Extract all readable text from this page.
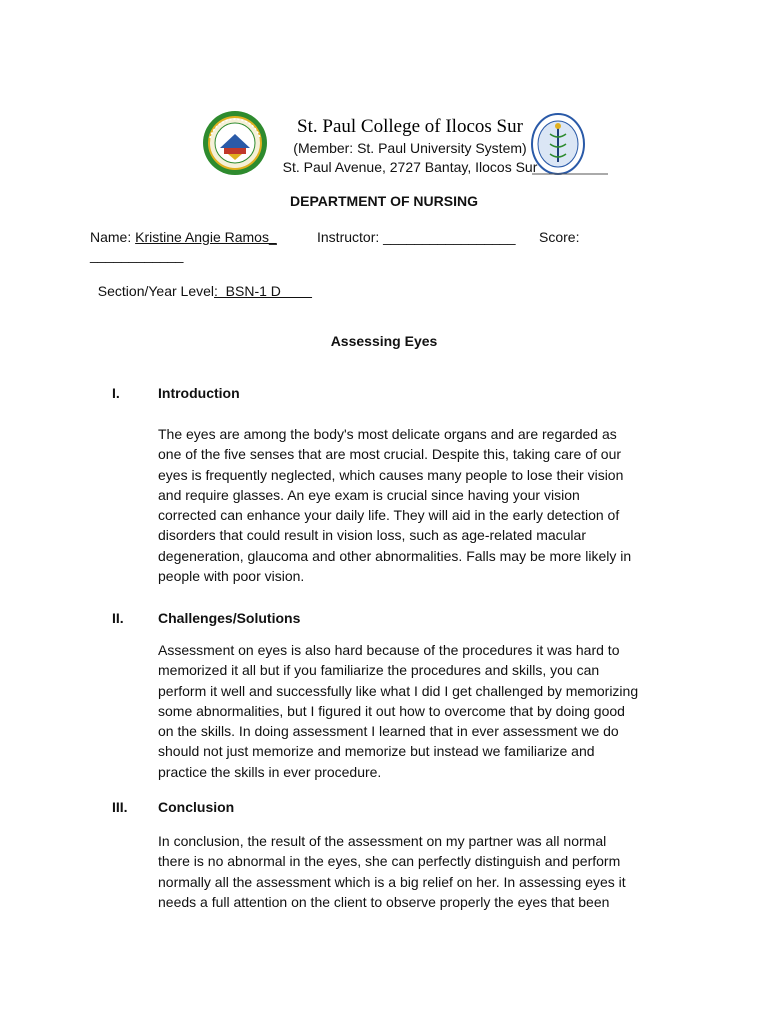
St. Paul College of Ilocos Sur

(Member: St. Paul University System)

St. Paul Avenue, 2727 Bantay, Ilocos Sur

DEPARTMENT OF NURSING
Name: Kristine Angie Ramos_	Instructor: _________________ Score:
____________

Section/Year Level:  BSN-1 D

Assessing Eyes
I.	Introduction
The eyes are among the body's most delicate organs and are regarded as
one of the five senses that are most crucial. Despite this, taking care of our
eyes is frequently neglected, which causes many people to lose their vision
and require glasses. An eye exam is crucial since having your vision
corrected can enhance your daily life. They will aid in the early detection of
disorders that could result in vision loss, such as age-related macular
degeneration, glaucoma and other abnormalities. Falls may be more likely in
people with poor vision.
II. Challenges/Solutions
Assessment on eyes is also hard because of the procedures it was hard to
memorized it all but if you familiarize the procedures and skills, you can
perform it well and successfully like what I did I get challenged by memorizing
some abnormalities, but I figured it out how to overcome that by doing good
on the skills. In doing assessment I learned that in ever assessment we do
should not just memorize and memorize but instead we familiarize and
practice the skills in ever procedure.
III. Conclusion
In conclusion, the result of the assessment on my partner was all normal
there is no abnormal in the eyes, she can perfectly distinguish and perform
normally all the assessment which is a big relief on her. In assessing eyes it
needs a full attention on the client to observe properly the eyes that been
